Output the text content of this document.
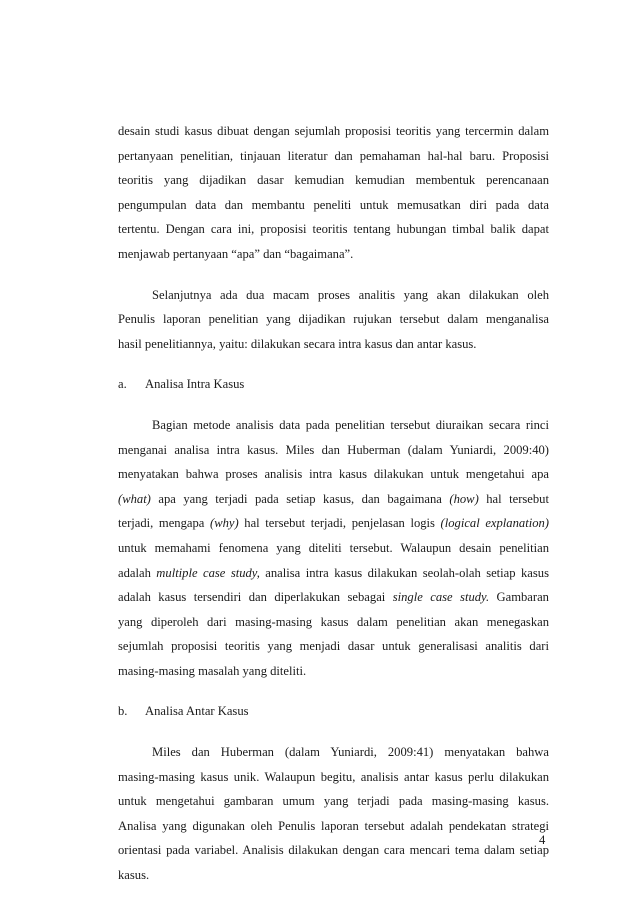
desain studi kasus dibuat dengan sejumlah proposisi teoritis yang tercermin dalam
pertanyaan penelitian, tinjauan literatur dan pemahaman hal-hal baru. Proposisi
teoritis yang dijadikan dasar kemudian kemudian membentuk perencanaan
pengumpulan data dan membantu peneliti untuk memusatkan diri pada data
tertentu. Dengan cara ini, proposisi teoritis tentang hubungan timbal balik dapat
menjawab pertanyaan “apa” dan “bagaimana”.
Selanjutnya ada dua macam proses analitis yang akan dilakukan oleh
Penulis laporan penelitian yang dijadikan rujukan tersebut dalam menganalisa
hasil penelitiannya, yaitu: dilakukan secara intra kasus dan antar kasus.
a.	Analisa Intra Kasus
Bagian metode analisis data pada penelitian tersebut diuraikan secara rinci
menganai analisa intra kasus. Miles dan Huberman (dalam Yuniardi, 2009:40)
menyatakan bahwa proses analisis intra kasus dilakukan untuk mengetahui apa
(what) apa yang terjadi pada setiap kasus, dan bagaimana (how) hal tersebut
terjadi, mengapa (why) hal tersebut terjadi, penjelasan logis (logical explanation)
untuk memahami fenomena yang diteliti tersebut. Walaupun desain penelitian
adalah multiple case study, analisa intra kasus dilakukan seolah-olah setiap kasus
adalah kasus tersendiri dan diperlakukan sebagai single case study. Gambaran
yang diperoleh dari masing-masing kasus dalam penelitian akan menegaskan
sejumlah proposisi teoritis yang menjadi dasar untuk generalisasi analitis dari
masing-masing masalah yang diteliti.
b.	Analisa Antar Kasus
Miles dan Huberman (dalam Yuniardi, 2009:41) menyatakan bahwa
masing-masing kasus unik. Walaupun begitu, analisis antar kasus perlu dilakukan
untuk mengetahui gambaran umum yang terjadi pada masing-masing kasus.
Analisa yang digunakan oleh Penulis laporan tersebut adalah pendekatan strategi
orientasi pada variabel. Analisis dilakukan dengan cara mencari tema dalam setiap
kasus.
4
